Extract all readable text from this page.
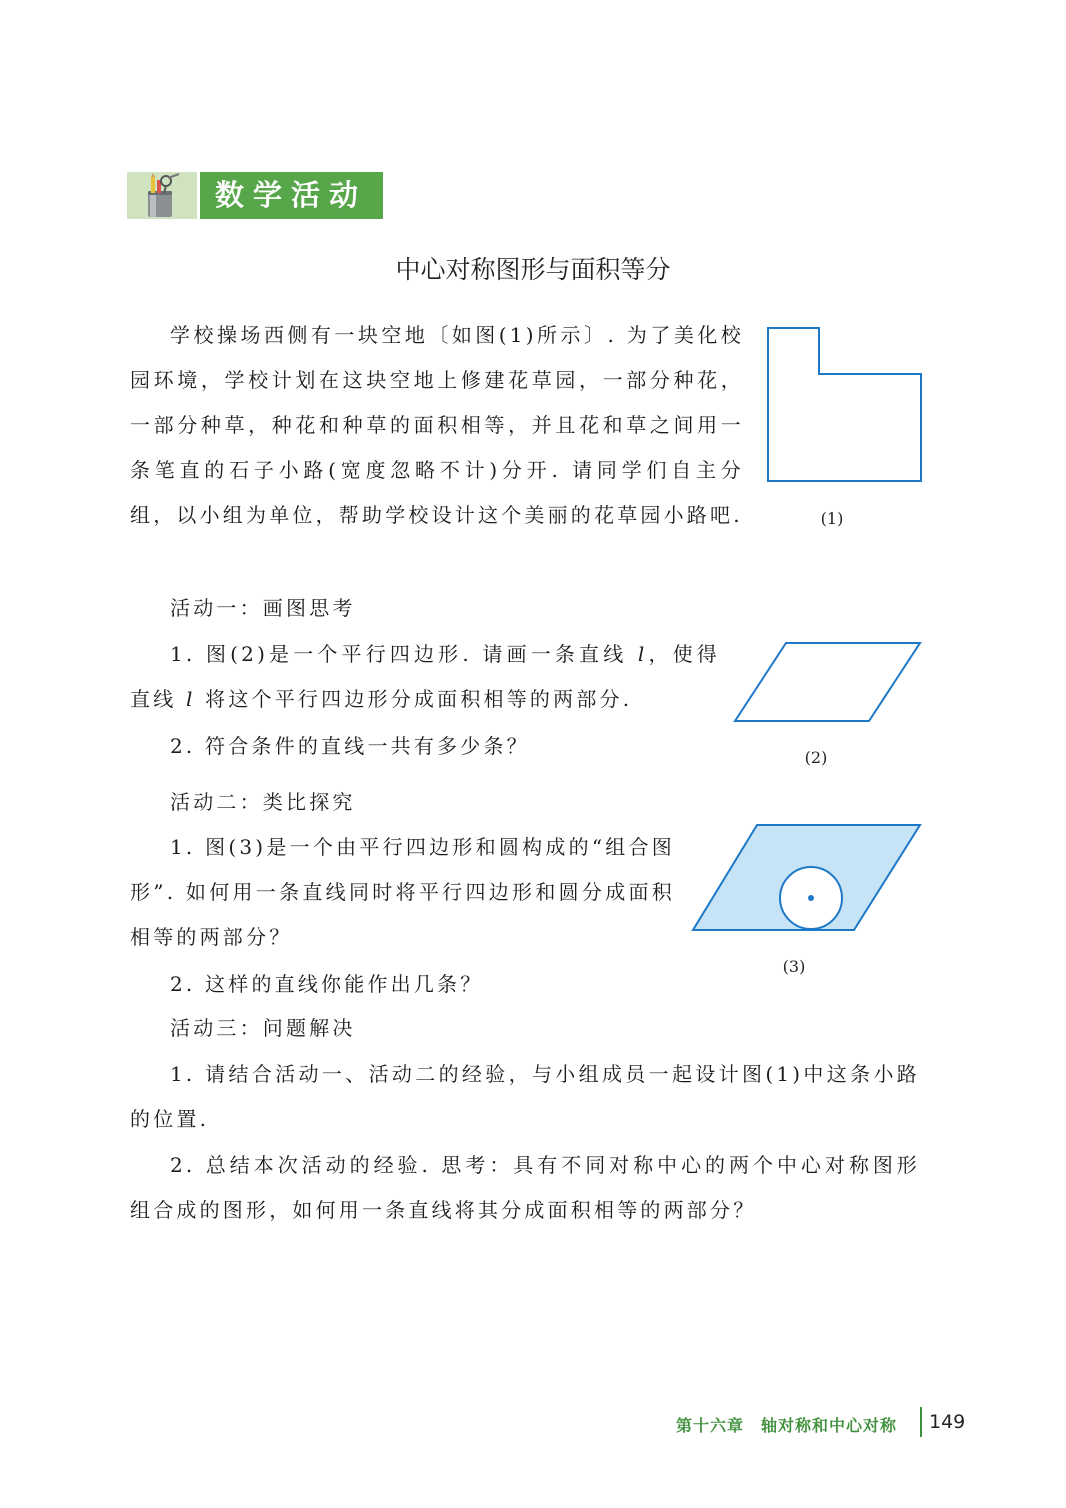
数学活动
中心对称图形与面积等分

学校操场西侧有一块空地〔如图(1)所示〕. 为了美化校园环境，学校计划在这块空地上修建花草园，一部分种花，一部分种草，种花和种草的面积相等，并且花和草之间用一条笔直的石子小路(宽度忽略不计)分开. 请同学们自主分组，以小组为单位，帮助学校设计这个美丽的花草园小路吧.	(1)

活动一：画图思考

1. 图(2)是一个平行四边形. 请画一条直线 l，使得直线 l 将这个平行四边形分成面积相等的两部分.

2. 符合条件的直线一共有多少条？	(2)

活动二：类比探究

1. 图(3)是一个由平行四边形和圆构成的“组合图形”. 如何用一条直线同时将平行四边形和圆分成面积相等的两部分？

2. 这样的直线你能作出几条？

(3)

活动三：问题解决

1. 请结合活动一、活动二的经验，与小组成员一起设计图(1)中这条小路的位置.

2. 总结本次活动的经验. 思考：具有不同对称中心的两个中心对称图形组合成的图形，如何用一条直线将其分成面积相等的两部分？

第十六章　轴对称和中心对称 149
